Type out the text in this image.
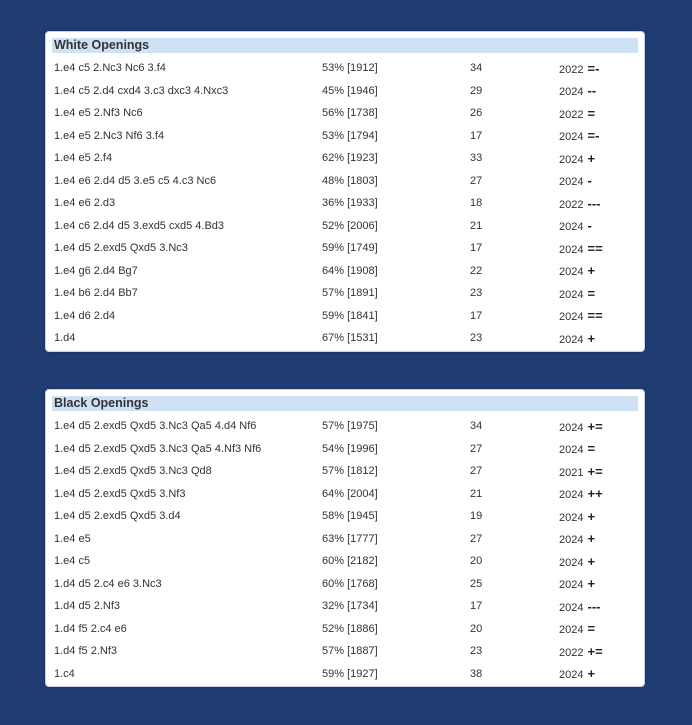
White Openings
1.e4 c5 2.Nc3 Nc6 3.f4	53% [1912]	34	2022 =-
1.e4 c5 2.d4 cxd4 3.c3 dxc3 4.Nxc3	45% [1946]	29	2024 --
1.e4 e5 2.Nf3 Nc6	56% [1738]	26	2022 =
1.e4 e5 2.Nc3 Nf6 3.f4	53% [1794]	17	2024 =-
1.e4 e5 2.f4	62% [1923]	33	2024 +
1.e4 e6 2.d4 d5 3.e5 c5 4.c3 Nc6	48% [1803]	27	2024 -
1.e4 e6 2.d3	36% [1933]	18	2022 ---
1.e4 c6 2.d4 d5 3.exd5 cxd5 4.Bd3	52% [2006]	21	2024 -
1.e4 d5 2.exd5 Qxd5 3.Nc3	59% [1749]	17	2024 ==
1.e4 g6 2.d4 Bg7	64% [1908]	22	2024 +
1.e4 b6 2.d4 Bb7	57% [1891]	23	2024 =
1.e4 d6 2.d4	59% [1841]	17	2024 ==
1.d4	67% [1531]	23	2024 +
Black Openings
1.e4 d5 2.exd5 Qxd5 3.Nc3 Qa5 4.d4 Nf6	57% [1975]	34	2024 +=
1.e4 d5 2.exd5 Qxd5 3.Nc3 Qa5 4.Nf3 Nf6	54% [1996]	27	2024 =
1.e4 d5 2.exd5 Qxd5 3.Nc3 Qd8	57% [1812]	27	2021 +=
1.e4 d5 2.exd5 Qxd5 3.Nf3	64% [2004]	21	2024 ++
1.e4 d5 2.exd5 Qxd5 3.d4	58% [1945]	19	2024 +
1.e4 e5	63% [1777]	27	2024 +
1.e4 c5	60% [2182]	20	2024 +
1.d4 d5 2.c4 e6 3.Nc3	60% [1768]	25	2024 +
1.d4 d5 2.Nf3	32% [1734]	17	2024 ---
1.d4 f5 2.c4 e6	52% [1886]	20	2024 =
1.d4 f5 2.Nf3	57% [1887]	23	2022 +=
1.c4	59% [1927]	38	2024 +
